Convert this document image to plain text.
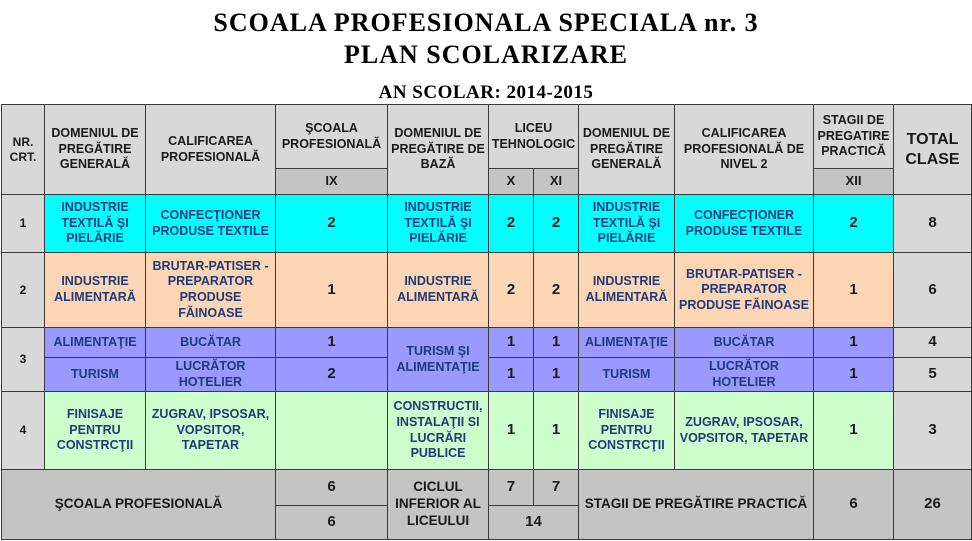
SCOALA PROFESIONALA SPECIALA nr. 3
PLAN SCOLARIZARE
AN SCOLAR: 2014-2015
NR. CRT.	DOMENIUL DE PREGĂTIRE GENERALĂ	CALIFICAREA PROFESIONALĂ	ŞCOALA PROFESIONALĂ	DOMENIUL DE PREGĂTIRE DE BAZĂ	LICEU TEHNOLOGIC		DOMENIUL DE PREGĂTIRE GENERALĂ	CALIFICAREA PROFESIONALĂ DE NIVEL 2	STAGII DE PREGATIRE PRACTICĂ	TOTAL CLASE
			IX		X	XI			XII	
1	INDUSTRIE TEXTILĂ ŞI PIELĂRIE	CONFECŢIONER PRODUSE TEXTILE	2	INDUSTRIE TEXTILĂ ŞI PIELĂRIE	2	2	INDUSTRIE TEXTILĂ ŞI PIELĂRIE	CONFECŢIONER PRODUSE TEXTILE	2	8
2	INDUSTRIE ALIMENTARĂ	BRUTAR-PATISER - PREPARATOR PRODUSE FĂINOASE	1	INDUSTRIE ALIMENTARĂ	2	2	INDUSTRIE ALIMENTARĂ	BRUTAR-PATISER - PREPARATOR PRODUSE FĂINOASE	1	6
3	ALIMENTAŢIE	BUCĂTAR	1	TURISM ŞI ALIMENTAŢIE	1	1	ALIMENTAŢIE	BUCĂTAR	1	4
	TURISM	LUCRĂTOR HOTELIER	2		1	1	TURISM	LUCRĂTOR HOTELIER	1	5
4	FINISAJE PENTRU CONSTRCŢII	ZUGRAV, IPSOSAR, VOPSITOR, TAPETAR		CONSTRUCTII, INSTALAŢII SI LUCRĂRI PUBLICE	1	1	FINISAJE PENTRU CONSTRCŢII	ZUGRAV, IPSOSAR, VOPSITOR, TAPETAR	1	3
ŞCOALA PROFESIONALĂ			6	CICLUL INFERIOR AL LICEULUI	7	7	STAGII DE PREGĂTIRE PRACTICĂ		6	26
			6		14					
